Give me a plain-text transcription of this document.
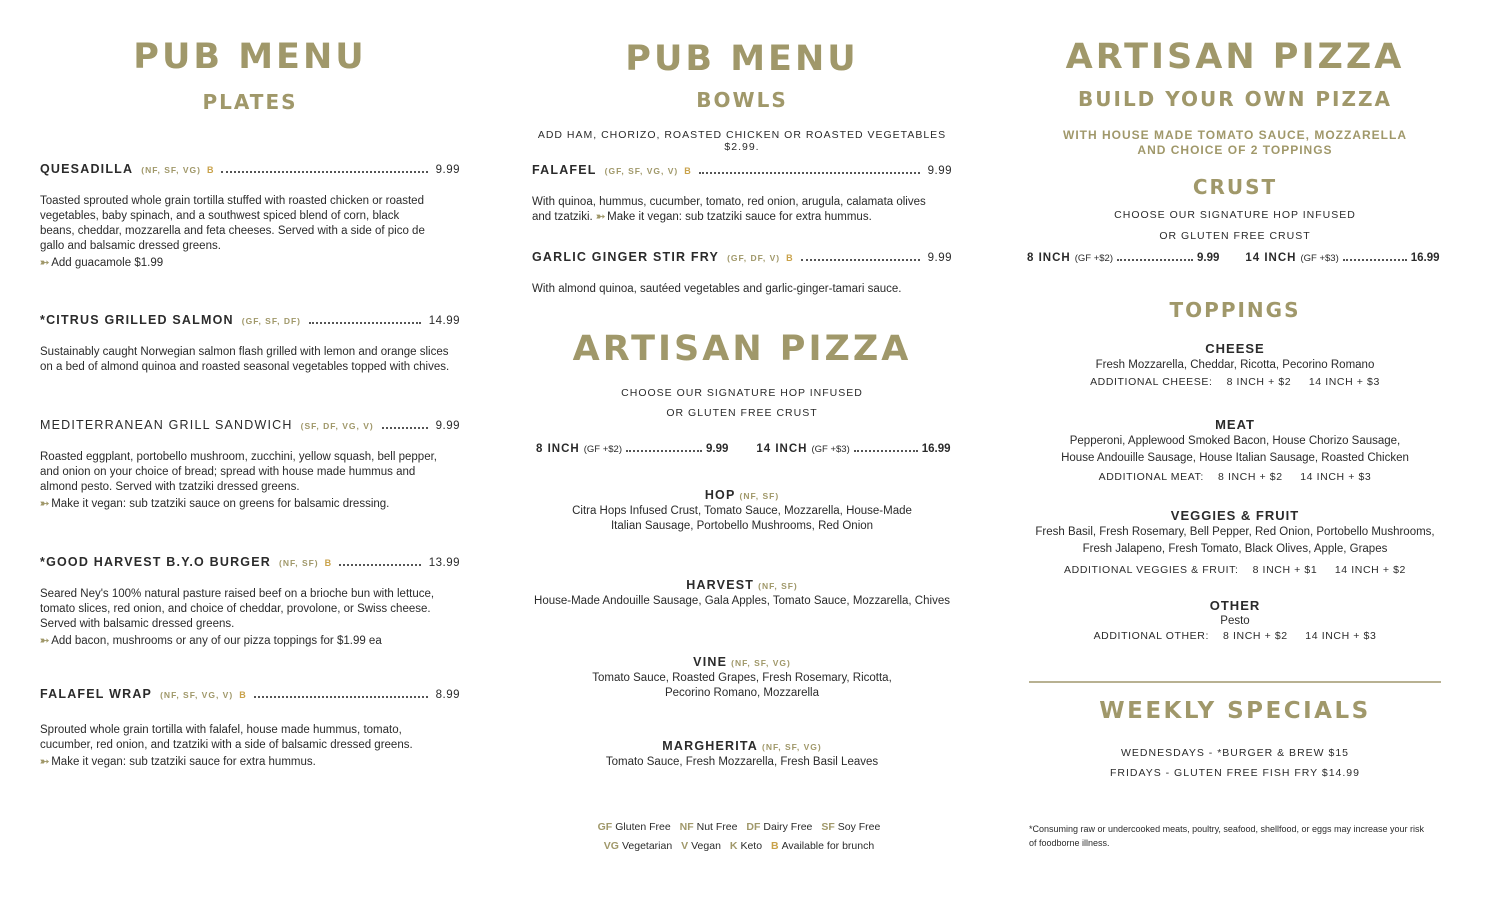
PUB MENU
PLATES
QUESADILLA (NF, SF, VG) B	9.99

Toasted sprouted whole grain tortilla stuffed with roasted chicken or roasted vegetables, baby spinach, and a southwest spiced blend of corn, black beans, cheddar, mozzarella and feta cheeses. Served with a side of pico de gallo and balsamic dressed greens.

➳ Add guacamole $1.99
*CITRUS GRILLED SALMON (GF, SF, DF)	14.99

Sustainably caught Norwegian salmon flash grilled with lemon and orange slices on a bed of almond quinoa and roasted seasonal vegetables topped with chives.

MEDITERRANEAN GRILL SANDWICH (SF, DF, VG, V)	9.99

Roasted eggplant, portobello mushroom, zucchini, yellow squash, bell pepper, and onion on your choice of bread; spread with house made hummus and almond pesto. Served with tzatziki dressed greens.

➳ Make it vegan: sub tzatziki sauce on greens for balsamic dressing.
*GOOD HARVEST B.Y.O BURGER (NF, SF) B	13.99

Seared Ney's 100% natural pasture raised beef on a brioche bun with lettuce, tomato slices, red onion, and choice of cheddar, provolone, or Swiss cheese. Served with balsamic dressed greens.

➳ Add bacon, mushrooms or any of our pizza toppings for $1.99 ea
FALAFEL WRAP (NF, SF, VG, V) B	8.99

Sprouted whole grain tortilla with falafel, house made hummus, tomato, cucumber, red onion, and tzatziki with a side of balsamic dressed greens.

➳ Make it vegan: sub tzatziki sauce for extra hummus.
PUB MENU
BOWLS
ADD HAM, CHORIZO, ROASTED CHICKEN OR ROASTED VEGETABLES $2.99.
FALAFEL (GF, SF, VG, V) B	9.99

With quinoa, hummus, cucumber, tomato, red onion, arugula, calamata olives and tzatziki. ➳ Make it vegan: sub tzatziki sauce for extra hummus.

GARLIC GINGER STIR FRY (GF, DF, V) B	9.99

With almond quinoa, sautéed vegetables and garlic-ginger-tamari sauce.

ARTISAN PIZZA
CHOOSE OUR SIGNATURE HOP INFUSED
OR GLUTEN FREE CRUST
8 INCH (GF +$2)	9.99 14 INCH (GF +$3)	16.99
HOP (NF, SF)
Citra Hops Infused Crust, Tomato Sauce, Mozzarella, House-Made
Italian Sausage, Portobello Mushrooms, Red Onion
HARVEST (NF, SF)
House-Made Andouille Sausage, Gala Apples, Tomato Sauce, Mozzarella, Chives
VINE (NF, SF, VG)
Tomato Sauce, Roasted Grapes, Fresh Rosemary, Ricotta,
Pecorino Romano, Mozzarella
MARGHERITA (NF, SF, VG)
Tomato Sauce, Fresh Mozzarella, Fresh Basil Leaves
GF Gluten Free NF Nut Free DF Dairy Free SF Soy Free
VG Vegetarian V Vegan K Keto B Available for brunch
ARTISAN PIZZA
BUILD YOUR OWN PIZZA
WITH HOUSE MADE TOMATO SAUCE, MOZZARELLA
AND CHOICE OF 2 TOPPINGS
CRUST
CHOOSE OUR SIGNATURE HOP INFUSED
OR GLUTEN FREE CRUST
8 INCH (GF +$2)	9.99 14 INCH (GF +$3)	16.99
TOPPINGS
CHEESE
Fresh Mozzarella, Cheddar, Ricotta, Pecorino Romano
ADDITIONAL CHEESE:    8 INCH + $2     14 INCH + $3
MEAT
Pepperoni, Applewood Smoked Bacon, House Chorizo Sausage,
House Andouille Sausage, House Italian Sausage, Roasted Chicken
ADDITIONAL MEAT:    8 INCH + $2     14 INCH + $3
VEGGIES & FRUIT
Fresh Basil, Fresh Rosemary, Bell Pepper, Red Onion, Portobello Mushrooms,
Fresh Jalapeno, Fresh Tomato, Black Olives, Apple, Grapes
ADDITIONAL VEGGIES & FRUIT:    8 INCH + $1     14 INCH + $2
OTHER
Pesto
ADDITIONAL OTHER:    8 INCH + $2     14 INCH + $3
WEEKLY SPECIALS
WEDNESDAYS - *BURGER & BREW $15
FRIDAYS - GLUTEN FREE FISH FRY $14.99
*Consuming raw or undercooked meats, poultry, seafood, shellfood, or eggs may increase your risk of foodborne illness.
